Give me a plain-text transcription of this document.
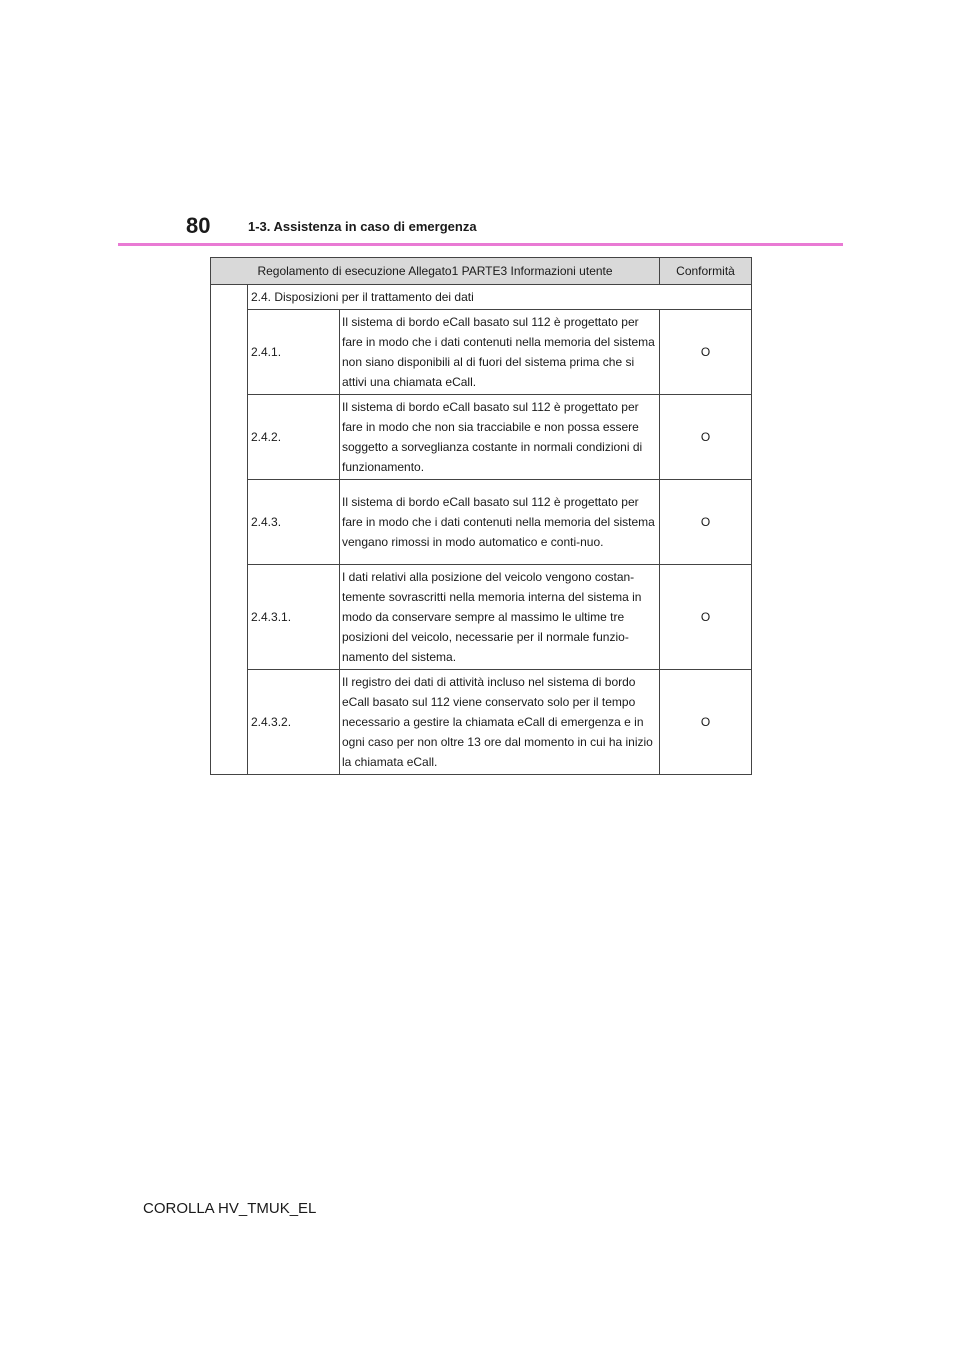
80	1-3. Assistenza in caso di emergenza
Regolamento di esecuzione Allegato1 PARTE3 Informazioni utente			Conformità
	2.4. Disposizioni per il trattamento dei dati		
	2.4.1.	Il sistema di bordo eCall basato sul 112 è progettato per fare in modo che i dati contenuti nella memoria del sistema non siano disponibili al di fuori del sistema prima che si attivi una chiamata eCall.	O
	2.4.2.	Il sistema di bordo eCall basato sul 112 è progettato per fare in modo che non sia tracciabile e non possa essere soggetto a sorveglianza costante in normali condizioni di funzionamento.	O
	2.4.3.	Il sistema di bordo eCall basato sul 112 è progettato per fare in modo che i dati contenuti nella memoria del sistema vengano rimossi in modo automatico e conti-nuo.	O
	2.4.3.1.	I dati relativi alla posizione del veicolo vengono costan-temente sovrascritti nella memoria interna del sistema in modo da conservare sempre al massimo le ultime tre posizioni del veicolo, necessarie per il normale funzio-namento del sistema.	O
	2.4.3.2.	Il registro dei dati di attività incluso nel sistema di bordo eCall basato sul 112 viene conservato solo per il tempo necessario a gestire la chiamata eCall di emergenza e in ogni caso per non oltre 13 ore dal momento in cui ha inizio la chiamata eCall.	O
COROLLA HV_TMUK_EL
